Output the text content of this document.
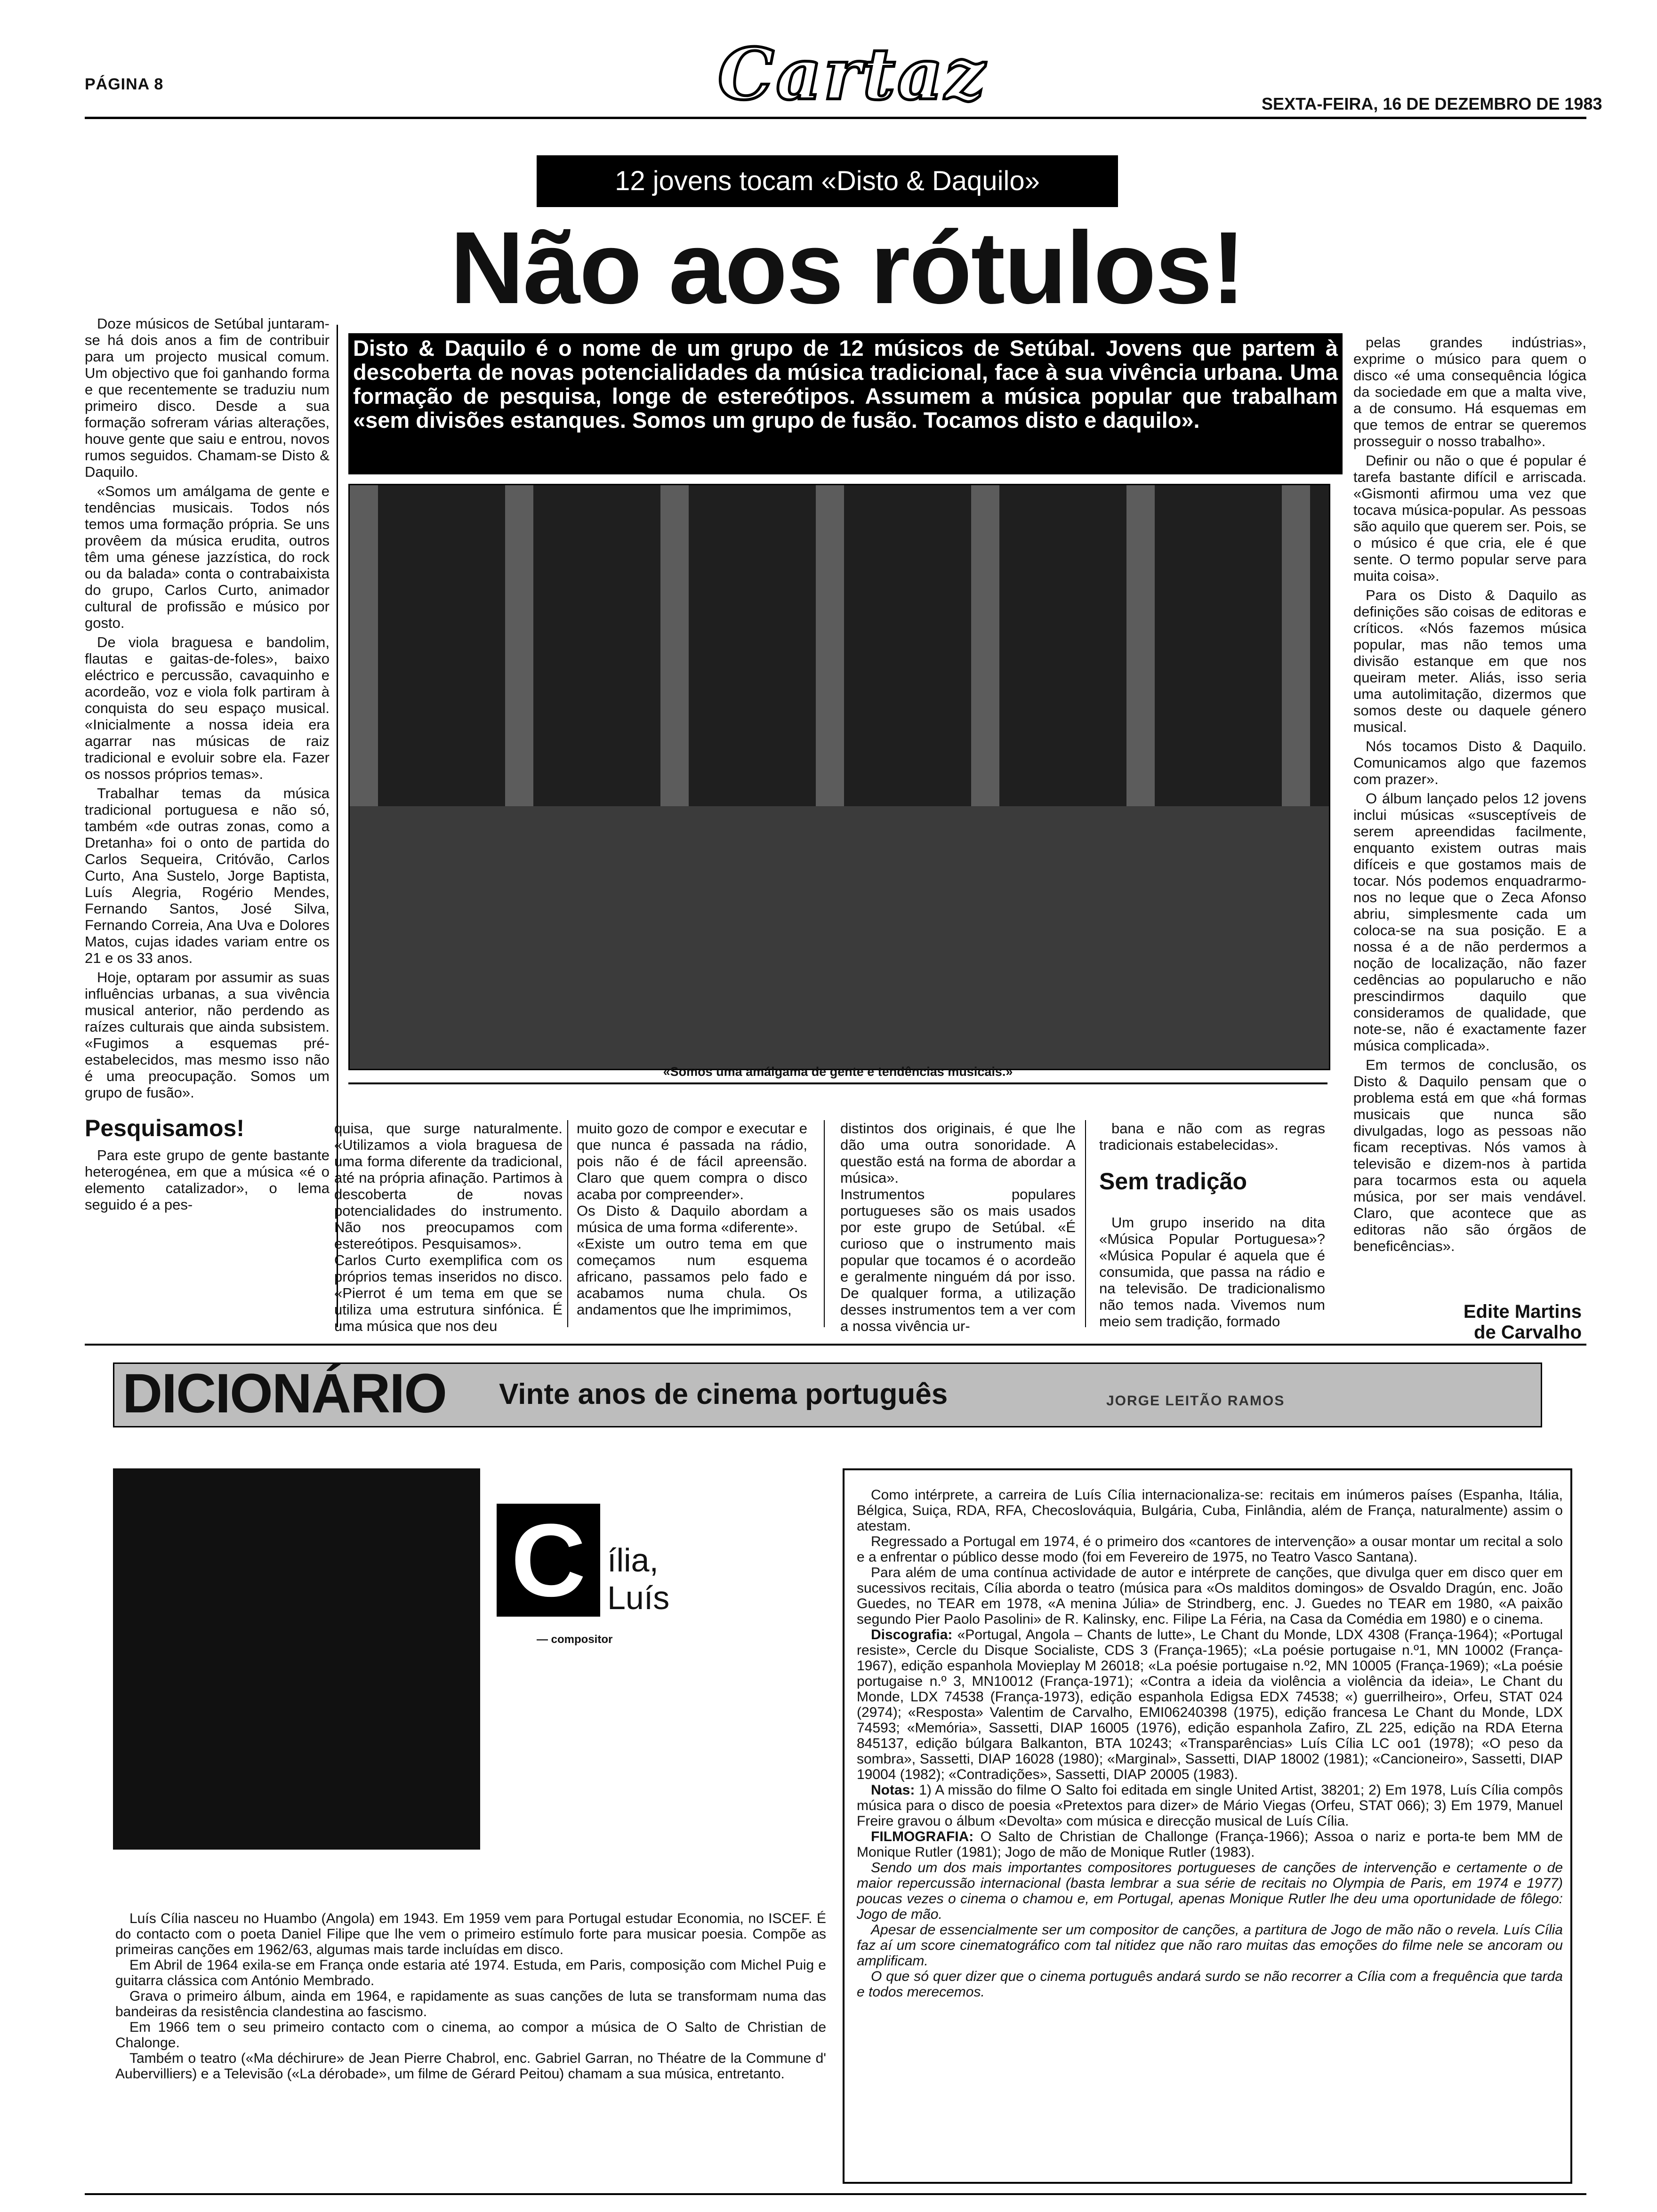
PÁGINA 8	Cartaz	SEXTA-FEIRA, 16 DE DEZEMBRO DE 1983
12 jovens tocam «Disto & Daquilo»
Não aos rótulos!
Disto & Daquilo é o nome de um grupo de 12 músicos de Setúbal. Jovens que partem à descoberta de novas potencialidades da música tradicional, face à sua vivência urbana. Uma formação de pesquisa, longe de estereótipos. Assumem a música popular que trabalham «sem divisões estanques. Somos um grupo de fusão. Tocamos disto e daquilo».
«Somos uma amálgama de gente e tendências musicais.»

Doze músicos de Setúbal juntaram-se há dois anos a fim de contribuir para um projecto musical comum. Um objectivo que foi ganhando forma e que recentemente se traduziu num primeiro disco. Desde a sua formação sofreram várias alterações, houve gente que saiu e entrou, novos rumos seguidos. Chamam-se Disto & Daquilo.

«Somos um amálgama de gente e tendências musicais. Todos nós temos uma formação própria. Se uns provêem da música erudita, outros têm uma génese jazzística, do rock ou da balada» conta o contrabaixista do grupo, Carlos Curto, animador cultural de profissão e músico por gosto.

De viola braguesa e bandolim, flautas e gaitas-de-foles», baixo eléctrico e percussão, cavaquinho e acordeão, voz e viola folk partiram à conquista do seu espaço musical. «Inicialmente a nossa ideia era agarrar nas músicas de raiz tradicional e evoluir sobre ela. Fazer os nossos próprios temas».

Trabalhar temas da música tradicional portuguesa e não só, também «de outras zonas, como a Dretanha» foi o onto de partida do Carlos Sequeira, Critóvão, Carlos Curto, Ana Sustelo, Jorge Baptista, Luís Alegria, Rogério Mendes, Fernando Santos, José Silva, Fernando Correia, Ana Uva e Dolores Matos, cujas idades variam entre os 21 e os 33 anos.

Hoje, optaram por assumir as suas influências urbanas, a sua vivência musical anterior, não perdendo as raízes culturais que ainda subsistem. «Fugimos a esquemas pré-estabelecidos, mas mesmo isso não é uma preocupação. Somos um grupo de fusão».

Pesquisamos!

Para este grupo de gente bastante heterogénea, em que a música «é o elemento catalizador», o lema seguido é a pes-

quisa, que surge naturalmente. «Utilizamos a viola braguesa de uma forma diferente da tradicional, até na própria afinação. Partimos à descoberta de novas potencialidades do instrumento. Não nos preocupamos com estereótipos. Pesquisamos».
Carlos Curto exemplifica com os próprios temas inseridos no disco. «Pierrot é um tema em que se utiliza uma estrutura sinfónica. É uma música que nos deu
muito gozo de compor e executar e que nunca é passada na rádio, pois não é de fácil apreensão. Claro que quem compra o disco acaba por compreender».
Os Disto & Daquilo abordam a música de uma forma «diferente».
«Existe um outro tema em que começamos num esquema africano, passamos pelo fado e acabamos numa chula. Os andamentos que lhe imprimimos,
distintos dos originais, é que lhe dão uma outra sonoridade. A questão está na forma de abordar a música».
Instrumentos populares portugueses são os mais usados por este grupo de Setúbal. «É curioso que o instrumento mais popular que tocamos é o acordeão e geralmente ninguém dá por isso. De qualquer forma, a utilização desses instrumentos tem a ver com a nossa vivência ur-

bana e não com as regras tradicionais estabelecidas».

Sem tradição

Um grupo inserido na dita «Música Popular Portuguesa»? «Música Popular é aquela que é consumida, que passa na rádio e na televisão. De tradicionalismo não temos nada. Vivemos num meio sem tradição, formado

pelas grandes indústrias», exprime o músico para quem o disco «é uma consequência lógica da sociedade em que a malta vive, a de consumo. Há esquemas em que temos de entrar se queremos prosseguir o nosso trabalho».

Definir ou não o que é popular é tarefa bastante difícil e arriscada. «Gismonti afirmou uma vez que tocava música-popular. As pessoas são aquilo que querem ser. Pois, se o músico é que cria, ele é que sente. O termo popular serve para muita coisa».

Para os Disto & Daquilo as definições são coisas de editoras e críticos. «Nós fazemos música popular, mas não temos uma divisão estanque em que nos queiram meter. Aliás, isso seria uma autolimitação, dizermos que somos deste ou daquele género musical.

Nós tocamos Disto & Daquilo. Comunicamos algo que fazemos com prazer».

O álbum lançado pelos 12 jovens inclui músicas «susceptíveis de serem apreendidas facilmente, enquanto existem outras mais difíceis e que gostamos mais de tocar. Nós podemos enquadrarmo-nos no leque que o Zeca Afonso abriu, simplesmente cada um coloca-se na sua posição. E a nossa é a de não perdermos a noção de localização, não fazer cedências ao popularucho e não prescindirmos daquilo que consideramos de qualidade, que note-se, não é exactamente fazer música complicada».

Em termos de conclusão, os Disto & Daquilo pensam que o problema está em que «há formas musicais que nunca são divulgadas, logo as pessoas não ficam receptivas. Nós vamos à televisão e dizem-nos à partida para tocarmos esta ou aquela música, por ser mais vendável. Claro, que acontece que as editoras não são órgãos de beneficências».

Edite Martins
de Carvalho
DICIONÁRIO Vinte anos de cinema português	JORGE LEITÃO RAMOS
C ília,
Luís
— compositor

Luís Cília nasceu no Huambo (Angola) em 1943. Em 1959 vem para Portugal estudar Economia, no ISCEF. É do contacto com o poeta Daniel Filipe que lhe vem o primeiro estímulo forte para musicar poesia. Compõe as primeiras canções em 1962/63, algumas mais tarde incluídas em disco.

Em Abril de 1964 exila-se em França onde estaria até 1974. Estuda, em Paris, composição com Michel Puig e guitarra clássica com António Membrado.

Grava o primeiro álbum, ainda em 1964, e rapidamente as suas canções de luta se transformam numa das bandeiras da resistência clandestina ao fascismo.

Em 1966 tem o seu primeiro contacto com o cinema, ao compor a música de O Salto de Christian de Chalonge.

Também o teatro («Ma déchirure» de Jean Pierre Chabrol, enc. Gabriel Garran, no Théatre de la Commune d' Aubervilliers) e a Televisão («La dérobade», um filme de Gérard Peitou) chamam a sua música, entretanto.

Como intérprete, a carreira de Luís Cília internacionaliza-se: recitais em inúmeros países (Espanha, Itália, Bélgica, Suiça, RDA, RFA, Checoslováquia, Bulgária, Cuba, Finlândia, além de França, naturalmente) assim o atestam.

Regressado a Portugal em 1974, é o primeiro dos «cantores de intervenção» a ousar montar um recital a solo e a enfrentar o público desse modo (foi em Fevereiro de 1975, no Teatro Vasco Santana).

Para além de uma contínua actividade de autor e intérprete de canções, que divulga quer em disco quer em sucessivos recitais, Cília aborda o teatro (música para «Os malditos domingos» de Osvaldo Dragún, enc. João Guedes, no TEAR em 1978, «A menina Júlia» de Strindberg, enc. J. Guedes no TEAR em 1980, «A paixão segundo Pier Paolo Pasolini» de R. Kalinsky, enc. Filipe La Féria, na Casa da Comédia em 1980) e o cinema.

Discografia: «Portugal, Angola – Chants de lutte», Le Chant du Monde, LDX 4308 (França-1964); «Portugal resiste», Cercle du Disque Socialiste, CDS 3 (França-1965); «La poésie portugaise n.º1, MN 10002 (França-1967), edição espanhola Movieplay M 26018; «La poésie portugaise n.º2, MN 10005 (França-1969); «La poésie portugaise n.º 3, MN10012 (França-1971); «Contra a ideia da violência a violência da ideia», Le Chant du Monde, LDX 74538 (França-1973), edição espanhola Edigsa EDX 74538; «) guerrilheiro», Orfeu, STAT 024 (2974); «Resposta» Valentim de Carvalho, EMI06240398 (1975), edição francesa Le Chant du Monde, LDX 74593; «Memória», Sassetti, DIAP 16005 (1976), edição espanhola Zafiro, ZL 225, edição na RDA Eterna 845137, edição búlgara Balkanton, BTA 10243; «Transparências» Luís Cília LC oo1 (1978); «O peso da sombra», Sassetti, DIAP 16028 (1980); «Marginal», Sassetti, DIAP 18002 (1981); «Cancioneiro», Sassetti, DIAP 19004 (1982); «Contradições», Sassetti, DIAP 20005 (1983).

Notas: 1) A missão do filme O Salto foi editada em single United Artist, 38201; 2) Em 1978, Luís Cília compôs música para o disco de poesia «Pretextos para dizer» de Mário Viegas (Orfeu, STAT 066); 3) Em 1979, Manuel Freire gravou o álbum «Devolta» com música e direcção musical de Luís Cília.

FILMOGRAFIA: O Salto de Christian de Challonge (França-1966); Assoa o nariz e porta-te bem MM de Monique Rutler (1981); Jogo de mão de Monique Rutler (1983).

Sendo um dos mais importantes compositores portugueses de canções de intervenção e certamente o de maior repercussão internacional (basta lembrar a sua série de recitais no Olympia de Paris, em 1974 e 1977) poucas vezes o cinema o chamou e, em Portugal, apenas Monique Rutler lhe deu uma oportunidade de fôlego: Jogo de mão.

Apesar de essencialmente ser um compositor de canções, a partitura de Jogo de mão não o revela. Luís Cília faz aí um score cinematográfico com tal nitidez que não raro muitas das emoções do filme nele se ancoram ou amplificam.

O que só quer dizer que o cinema português andará surdo se não recorrer a Cília com a frequência que tarda e todos merecemos.
